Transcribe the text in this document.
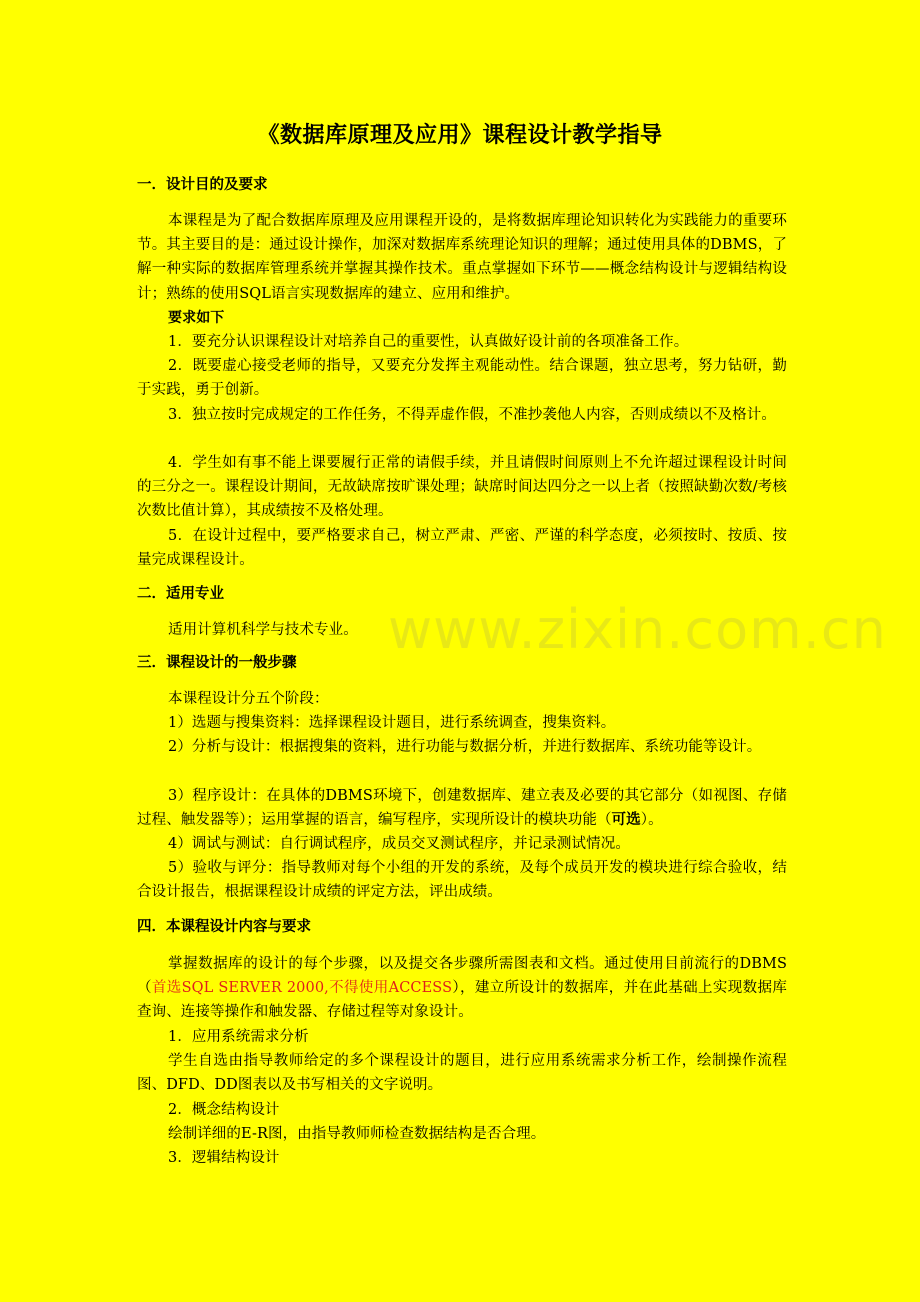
《数据库原理及应用》课程设计教学指导
www.zixin.com.cn
一．设计目的及要求

本课程是为了配合数据库原理及应用课程开设的，是将数据库理论知识转化为实践能力的重要环节。其主要目的是：通过设计操作，加深对数据库系统理论知识的理解；通过使用具体的DBMS，了解一种实际的数据库管理系统并掌握其操作技术。重点掌握如下环节——概念结构设计与逻辑结构设计；熟练的使用SQL语言实现数据库的建立、应用和维护。

要求如下

1．要充分认识课程设计对培养自己的重要性，认真做好设计前的各项准备工作。

2．既要虚心接受老师的指导，又要充分发挥主观能动性。结合课题，独立思考，努力钻研，勤于实践，勇于创新。

3．独立按时完成规定的工作任务，不得弄虚作假，不准抄袭他人内容，否则成绩以不及格计。

4．学生如有事不能上课要履行正常的请假手续，并且请假时间原则上不允许超过课程设计时间的三分之一。课程设计期间，无故缺席按旷课处理；缺席时间达四分之一以上者（按照缺勤次数/考核次数比值计算），其成绩按不及格处理。

5．在设计过程中，要严格要求自己，树立严肃、严密、严谨的科学态度，必须按时、按质、按量完成课程设计。

二．适用专业

适用计算机科学与技术专业。

三．课程设计的一般步骤

本课程设计分五个阶段：

1）选题与搜集资料：选择课程设计题目，进行系统调查，搜集资料。

2）分析与设计：根据搜集的资料，进行功能与数据分析，并进行数据库、系统功能等设计。

3）程序设计：在具体的DBMS环境下，创建数据库、建立表及必要的其它部分（如视图、存储过程、触发器等）；运用掌握的语言，编写程序，实现所设计的模块功能（可选）。

4）调试与测试：自行调试程序，成员交叉测试程序，并记录测试情况。

5）验收与评分：指导教师对每个小组的开发的系统，及每个成员开发的模块进行综合验收，结合设计报告，根据课程设计成绩的评定方法，评出成绩。

四．本课程设计内容与要求

掌握数据库的设计的每个步骤，以及提交各步骤所需图表和文档。通过使用目前流行的DBMS（首选SQL SERVER 2000,不得使用ACCESS），建立所设计的数据库，并在此基础上实现数据库查询、连接等操作和触发器、存储过程等对象设计。

1．应用系统需求分析

学生自选由指导教师给定的多个课程设计的题目，进行应用系统需求分析工作，绘制操作流程图、DFD、DD图表以及书写相关的文字说明。

2．概念结构设计

绘制详细的E-R图，由指导教师师检查数据结构是否合理。

3．逻辑结构设计
